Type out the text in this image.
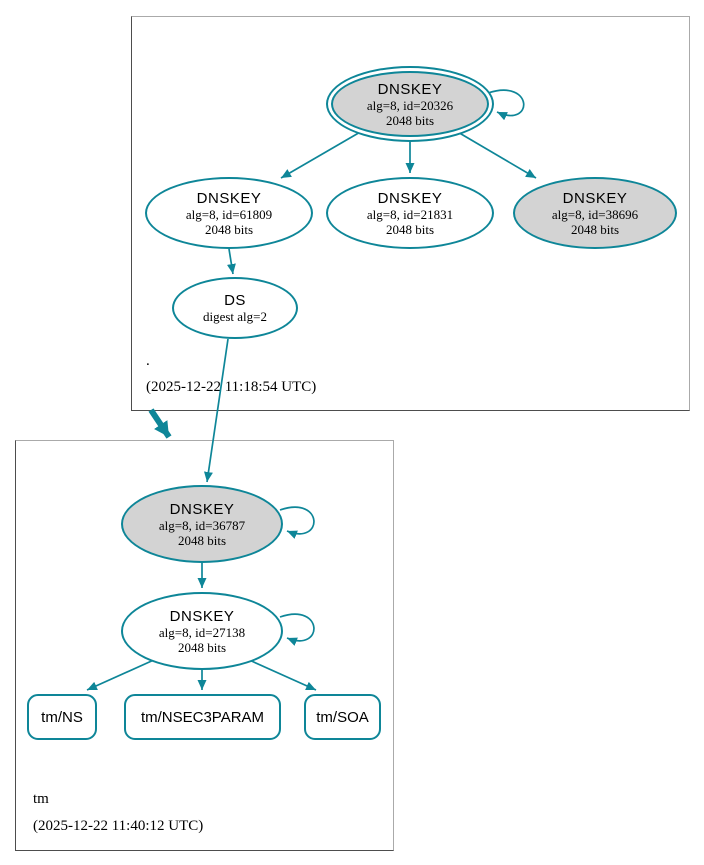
.
(2025-12-22 11:18:54 UTC)
tm
(2025-12-22 11:40:12 UTC)
DNSKEY
alg=8, id=20326
2048 bits
DNSKEY
alg=8, id=61809
2048 bits
DNSKEY
alg=8, id=21831
2048 bits
DNSKEY
alg=8, id=38696
2048 bits
DS
digest alg=2
DNSKEY
alg=8, id=36787
2048 bits
DNSKEY
alg=8, id=27138
2048 bits
tm/NS	tm/NSEC3PARAM	tm/SOA
